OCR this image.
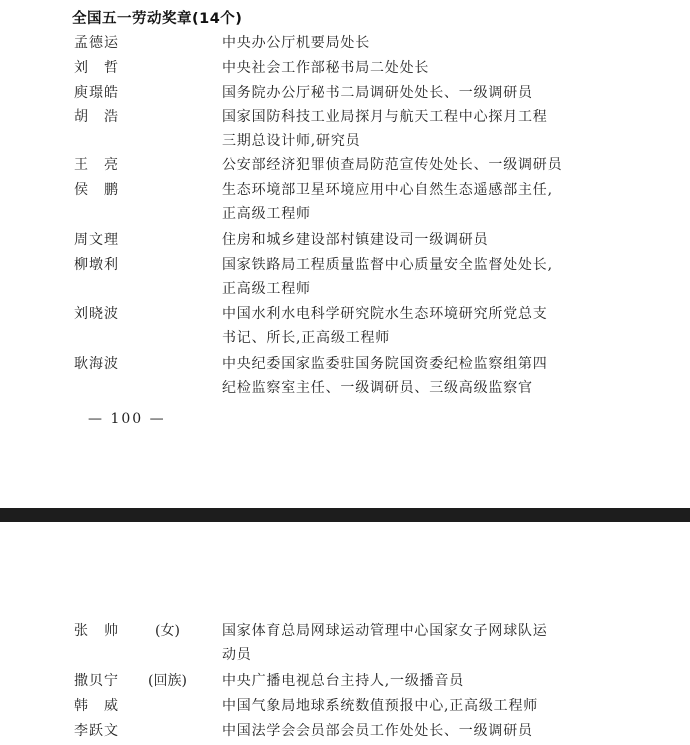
全国五一劳动奖章(14个)
孟德运	中央办公厅机要局处长
刘　哲	中央社会工作部秘书局二处处长
庾璟皓	国务院办公厅秘书二局调研处处长、一级调研员
胡　浩	国家国防科技工业局探月与航天工程中心探月工程
三期总设计师,研究员
王　亮	公安部经济犯罪侦查局防范宣传处处长、一级调研员
侯　鹏	生态环境部卫星环境应用中心自然生态遥感部主任,
正高级工程师
周文理	住房和城乡建设部村镇建设司一级调研员
柳墩利	国家铁路局工程质量监督中心质量安全监督处处长,
正高级工程师
刘晓波	中国水利水电科学研究院水生态环境研究所党总支
书记、所长,正高级工程师
耿海波	中央纪委国家监委驻国务院国资委纪检监察组第四
纪检监察室主任、一级调研员、三级高级监察官
— 100 —
张　帅	(女)	国家体育总局网球运动管理中心国家女子网球队运
动员
撒贝宁 (回族)	中央广播电视总台主持人,一级播音员
韩　威	中国气象局地球系统数值预报中心,正高级工程师
李跃文	中国法学会会员部会员工作处处长、一级调研员
